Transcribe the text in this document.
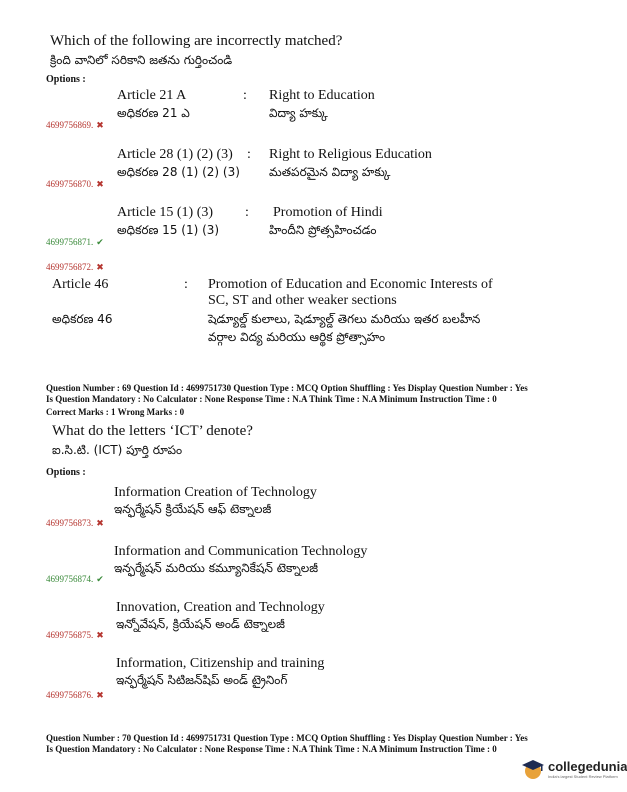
Which of the following are incorrectly matched?
క్రింది వానిలో సరికాని జతను గుర్తించండి
Options :
Article 21 A	: Right to Education
అధికరణ 21 ఎ	విద్యా హక్కు
4699756869. ✖
Article 28 (1) (2) (3) : Right to Religious Education
అధికరణ 28 (1) (2) (3) మతపరమైన విద్యా హక్కు
4699756870. ✖
Article 15 (1) (3) : Promotion of Hindi
అధికరణ 15 (1) (3)	హిందీని ప్రోత్సహించడం
4699756871. ✔
4699756872. ✖
Article 46	: Promotion of Education and Economic Interests of
SC, ST and other weaker sections
అధికరణ 46	షెడ్యూల్డ్ కులాలు, షెడ్యూల్డ్ తెగలు మరియు ఇతర బలహీన
వర్గాల విద్య మరియు ఆర్థిక ప్రోత్సాహం
Question Number : 69 Question Id : 4699751730 Question Type : MCQ Option Shuffling : Yes Display Question Number : Yes
Is Question Mandatory : No Calculator : None Response Time : N.A Think Time : N.A Minimum Instruction Time : 0
Correct Marks : 1 Wrong Marks : 0
What do the letters ‘ICT’ denote?
ఐ.సి.టి. (ICT) పూర్తి రూపం
Options :
Information Creation of Technology
ఇన్ఫర్మేషన్ క్రియేషన్ ఆఫ్ టెక్నాలజీ
4699756873. ✖
Information and Communication Technology
ఇన్ఫర్మేషన్ మరియు కమ్యూనికేషన్ టెక్నాలజీ
4699756874. ✔
Innovation, Creation and Technology
ఇన్నోవేషన్, క్రియేషన్ అండ్ టెక్నాలజీ
4699756875. ✖
Information, Citizenship and training
ఇన్ఫర్మేషన్ సిటిజన్‌షిప్ అండ్ ట్రైనింగ్
4699756876. ✖
Question Number : 70 Question Id : 4699751731 Question Type : MCQ Option Shuffling : Yes Display Question Number : Yes
Is Question Mandatory : No Calculator : None Response Time : N.A Think Time : N.A Minimum Instruction Time : 0
collegedunia
India's largest Student Review Platform
